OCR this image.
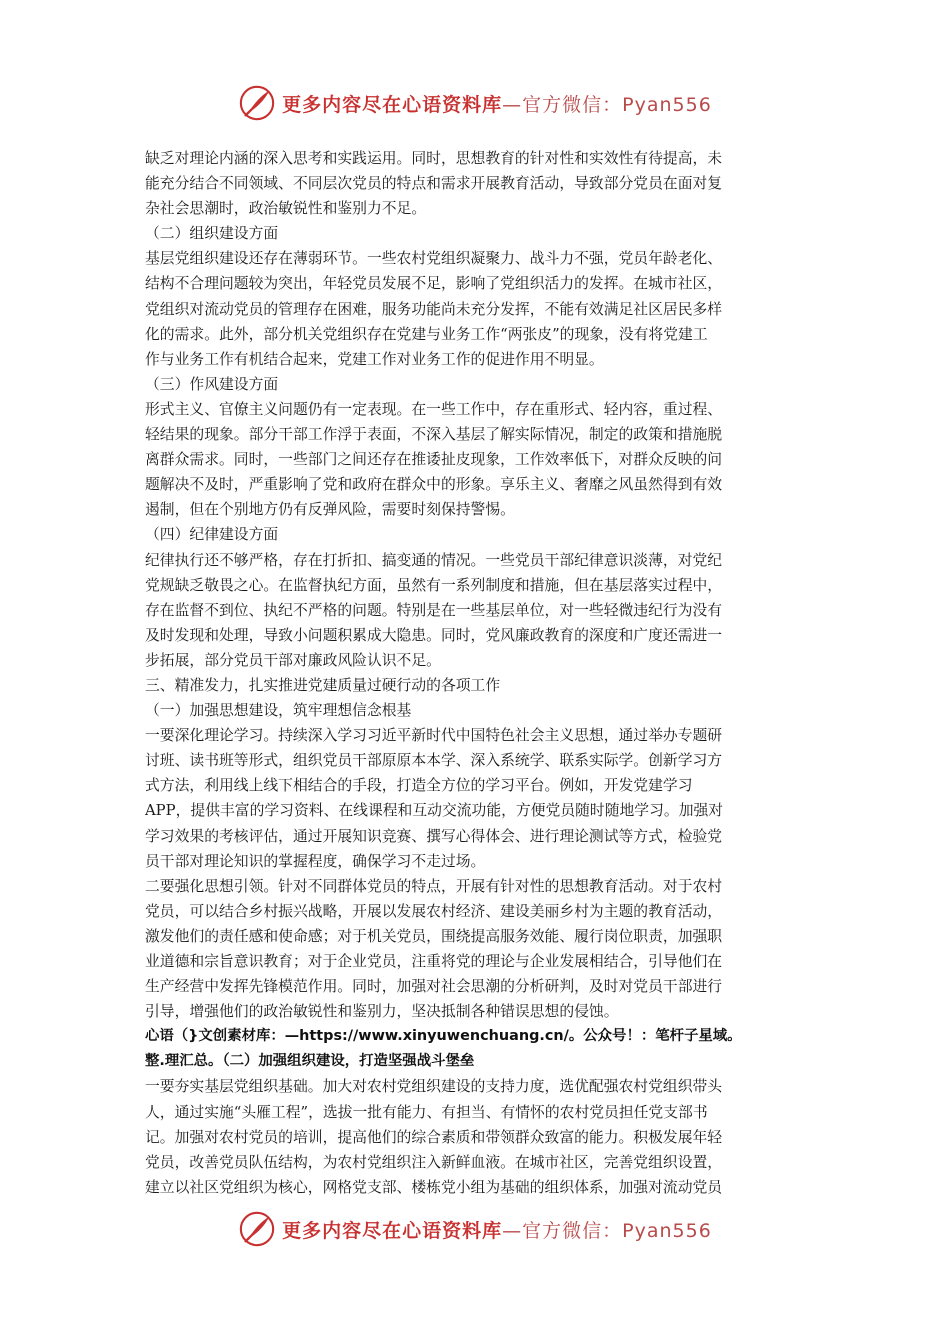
更多内容尽在心语资料库—官方微信：Pyan556
缺乏对理论内涵的深入思考和实践运用。同时，思想教育的针对性和实效性有待提高，未
能充分结合不同领域、不同层次党员的特点和需求开展教育活动，导致部分党员在面对复
杂社会思潮时，政治敏锐性和鉴别力不足。
（二）组织建设方面
基层党组织建设还存在薄弱环节。一些农村党组织凝聚力、战斗力不强，党员年龄老化、
结构不合理问题较为突出，年轻党员发展不足，影响了党组织活力的发挥。在城市社区，
党组织对流动党员的管理存在困难，服务功能尚未充分发挥，不能有效满足社区居民多样
化的需求。此外，部分机关党组织存在党建与业务工作“两张皮”的现象，没有将党建工
作与业务工作有机结合起来，党建工作对业务工作的促进作用不明显。
（三）作风建设方面
形式主义、官僚主义问题仍有一定表现。在一些工作中，存在重形式、轻内容，重过程、
轻结果的现象。部分干部工作浮于表面，不深入基层了解实际情况，制定的政策和措施脱
离群众需求。同时，一些部门之间还存在推诿扯皮现象，工作效率低下，对群众反映的问
题解决不及时，严重影响了党和政府在群众中的形象。享乐主义、奢靡之风虽然得到有效
遏制，但在个别地方仍有反弹风险，需要时刻保持警惕。
（四）纪律建设方面
纪律执行还不够严格，存在打折扣、搞变通的情况。一些党员干部纪律意识淡薄，对党纪
党规缺乏敬畏之心。在监督执纪方面，虽然有一系列制度和措施，但在基层落实过程中，
存在监督不到位、执纪不严格的问题。特别是在一些基层单位，对一些轻微违纪行为没有
及时发现和处理，导致小问题积累成大隐患。同时，党风廉政教育的深度和广度还需进一
步拓展，部分党员干部对廉政风险认识不足。
三、精准发力，扎实推进党建质量过硬行动的各项工作
（一）加强思想建设，筑牢理想信念根基
一要深化理论学习。持续深入学习习近平新时代中国特色社会主义思想，通过举办专题研
讨班、读书班等形式，组织党员干部原原本本学、深入系统学、联系实际学。创新学习方
式方法，利用线上线下相结合的手段，打造全方位的学习平台。例如，开发党建学习
APP，提供丰富的学习资料、在线课程和互动交流功能，方便党员随时随地学习。加强对
学习效果的考核评估，通过开展知识竞赛、撰写心得体会、进行理论测试等方式，检验党
员干部对理论知识的掌握程度，确保学习不走过场。
二要强化思想引领。针对不同群体党员的特点，开展有针对性的思想教育活动。对于农村
党员，可以结合乡村振兴战略，开展以发展农村经济、建设美丽乡村为主题的教育活动，
激发他们的责任感和使命感；对于机关党员，围绕提高服务效能、履行岗位职责，加强职
业道德和宗旨意识教育；对于企业党员，注重将党的理论与企业发展相结合，引导他们在
生产经营中发挥先锋模范作用。同时，加强对社会思潮的分析研判，及时对党员干部进行
引导，增强他们的政治敏锐性和鉴别力，坚决抵制各种错误思想的侵蚀。
心语（}文创素材库：—https://www.xinyuwenchuang.cn/。公众号！：笔杆子星域。
整.理汇总。（二）加强组织建设，打造坚强战斗堡垒
一要夯实基层党组织基础。加大对农村党组织建设的支持力度，选优配强农村党组织带头
人，通过实施“头雁工程”，选拔一批有能力、有担当、有情怀的农村党员担任党支部书
记。加强对农村党员的培训，提高他们的综合素质和带领群众致富的能力。积极发展年轻
党员，改善党员队伍结构，为农村党组织注入新鲜血液。在城市社区，完善党组织设置，
建立以社区党组织为核心，网格党支部、楼栋党小组为基础的组织体系，加强对流动党员
更多内容尽在心语资料库—官方微信：Pyan556
